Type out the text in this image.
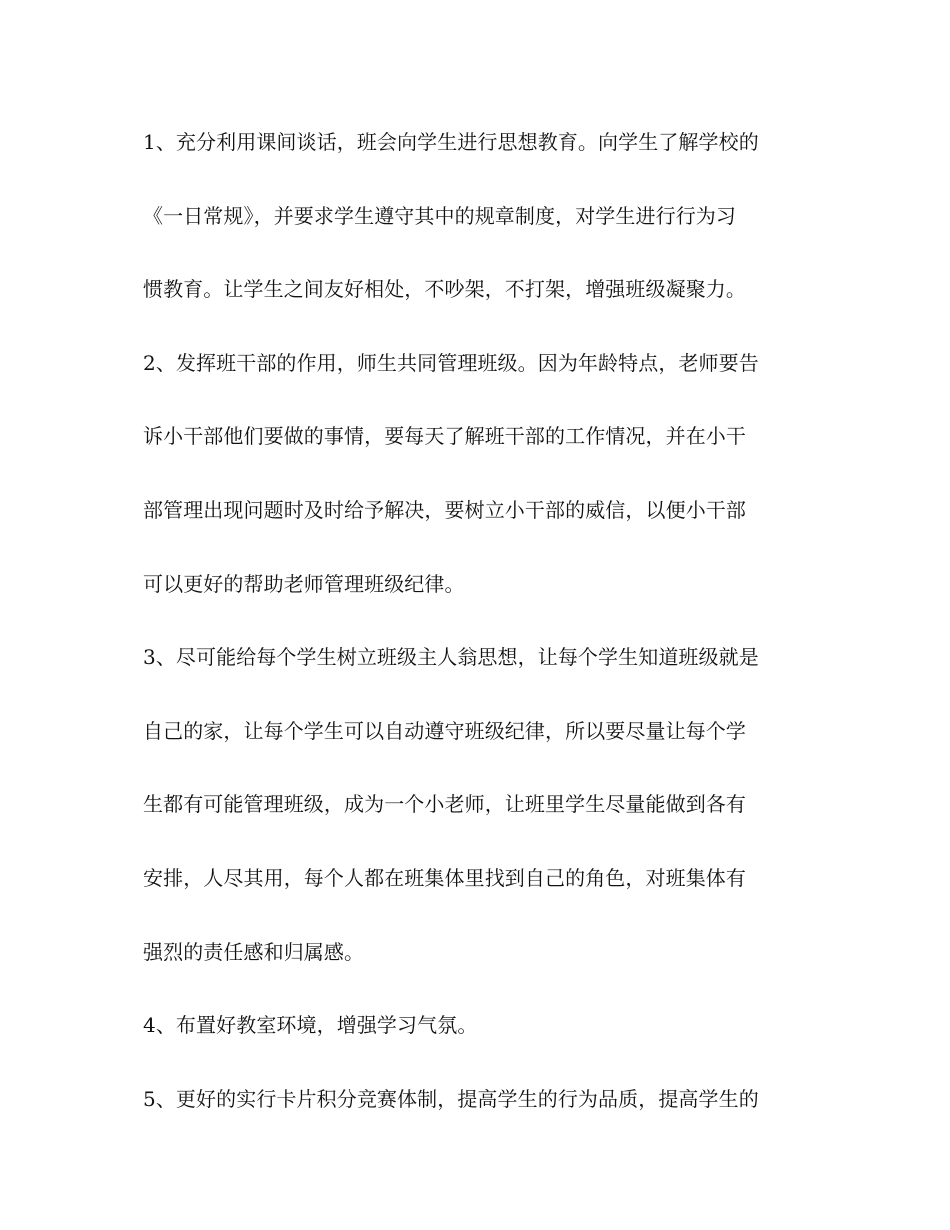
1、充分利用课间谈话，班会向学生进行思想教育。向学生了解学校的
《一日常规》，并要求学生遵守其中的规章制度，对学生进行行为习
惯教育。让学生之间友好相处，不吵架，不打架，增强班级凝聚力。
2、发挥班干部的作用，师生共同管理班级。因为年龄特点，老师要告
诉小干部他们要做的事情，要每天了解班干部的工作情况，并在小干
部管理出现问题时及时给予解决，要树立小干部的威信，以便小干部
可以更好的帮助老师管理班级纪律。
3、尽可能给每个学生树立班级主人翁思想，让每个学生知道班级就是
自己的家，让每个学生可以自动遵守班级纪律，所以要尽量让每个学
生都有可能管理班级，成为一个小老师，让班里学生尽量能做到各有
安排，人尽其用，每个人都在班集体里找到自己的角色，对班集体有
强烈的责任感和归属感。
4、布置好教室环境，增强学习气氛。
5、更好的实行卡片积分竞赛体制，提高学生的行为品质，提高学生的
